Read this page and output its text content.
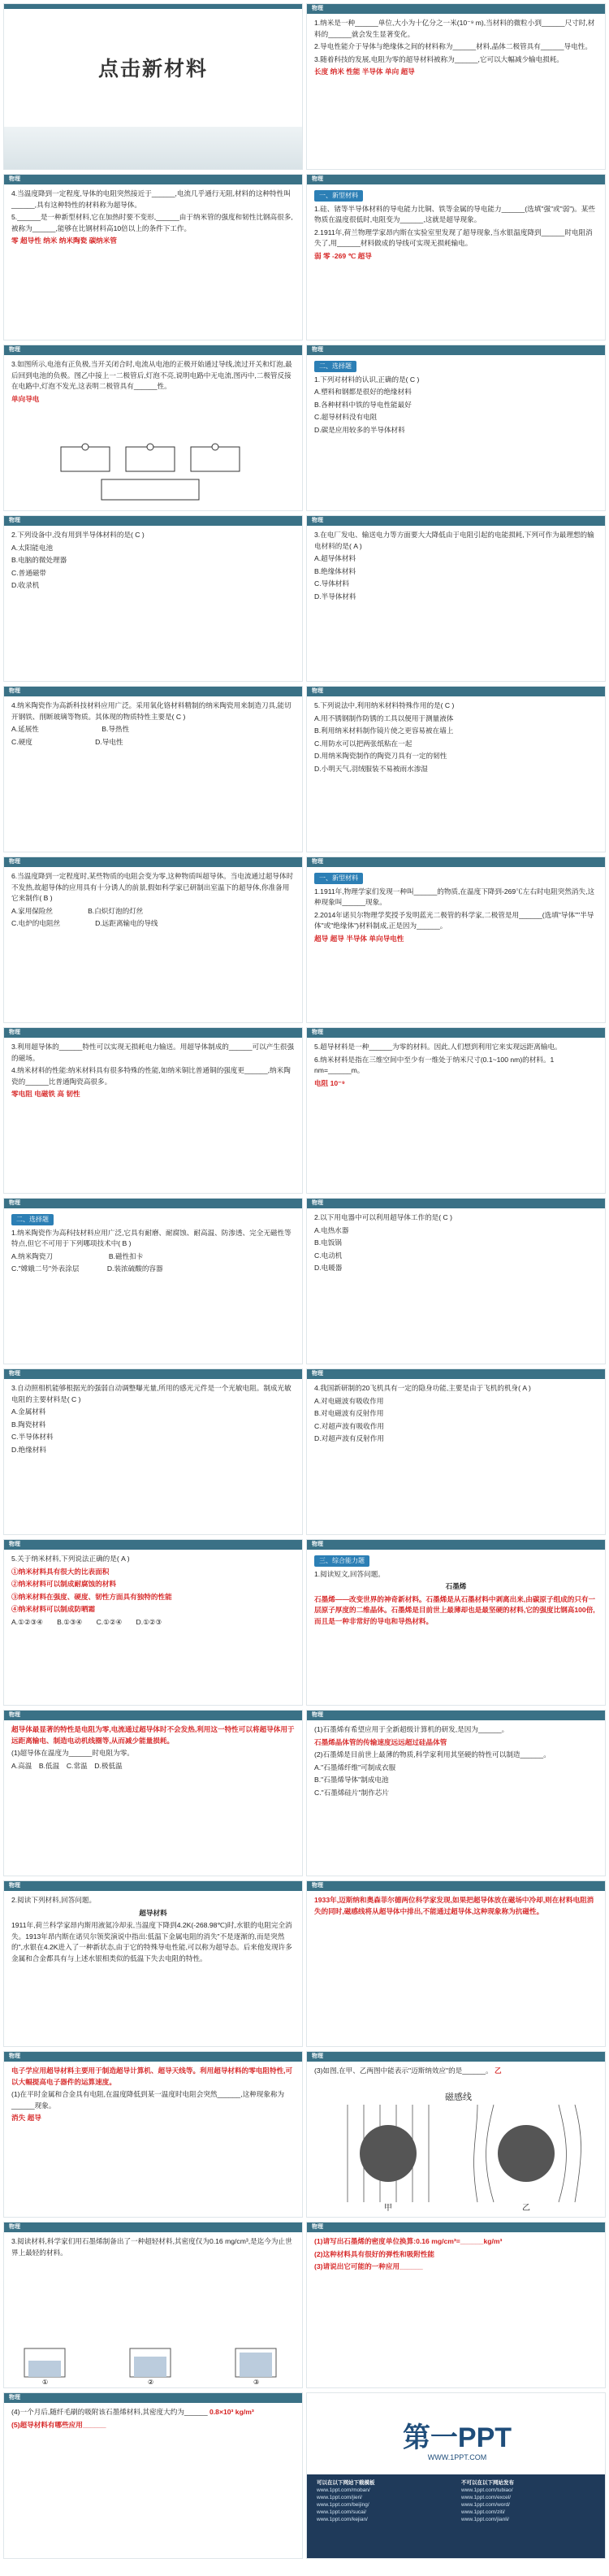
点击新材料
物理

1.纳米是一种______单位,大小为十亿分之一米(10⁻⁹ m),当材料的微粒小到______尺寸时,材料的______就会发生显著变化。

2.导电性能介于导体与绝缘体之间的材料称为______材料,晶体二极管具有______导电性。

3.随着科技的发展,电阻为零的超导材料被称为______,它可以大幅减少输电损耗。

长度 纳米 性能 半导体 单向 超导

物理

4.当温度降到一定程度,导体的电阻突然接近于______,电流几乎通行无阻,材料的这种特性叫______,具有这种特性的材料称为超导体。

5.______是一种新型材料,它在加热时要不变形,______由于纳米管的强度和韧性比钢高很多,被称为______,能够在比钢材料高10倍以上的条件下工作。

零 超导性 纳米 纳米陶瓷 碳纳米管

物理
一、新型材料

1.硅、锗等半导体材料的导电能力比铜、铁等金属的导电能力______(选填"强"或"弱")。某些物质在温度很低时,电阻变为______,这就是超导现象。

2.1911年,荷兰物理学家昂内斯在实验室里发现了超导现象,当水银温度降到______时电阻消失了,用______材料做成的导线可实现无损耗输电。

弱 零 -269 ℃ 超导

物理

3.如图所示,电池有正负极,当开关闭合时,电流从电池的正极开始通过导线,流过开关和灯泡,最后回到电池的负极。图乙中接上一二极管后,灯泡不亮,说明电路中无电流,图丙中,二极管反接在电路中,灯泡不发光,这表明二极管具有______性。

单向导电

物理
二、选择题

1.下列对材料的认识,正确的是( C )

A.塑料和钢都是很好的绝缘材料

B.各种材料中铁的导电性能最好

C.超导材料没有电阻

D.碳是应用较多的半导体材料

物理

2.下列设备中,没有用到半导体材料的是( C )

A.太阳能电池

B.电脑的微处理器

C.普通磁带

D.收录机

物理

3.在电厂发电、输送电力等方面要大大降低由于电阻引起的电能损耗,下列可作为最理想的输电材料的是( A )

A.超导体材料

B.绝缘体材料

C.导体材料

D.半导体材料

物理

4.纳米陶瓷作为高新科技材料应用广泛。采用氧化铬材料精制的纳米陶瓷用来制造刀具,能切开钢铁、削断玻璃等物质。其体现的物质特性主要是( C )

A.延展性　　　　　　　　　	B.导热性

C.硬度　　　　　　　　　	D.导电性

物理

5.下列说法中,利用纳米材料特殊作用的是( C )

A.用不锈钢制作防锈的工具以便用于测量液体

B.利用纳米材料制作镜片使之更容易被在墙上

C.用防水可以把两张纸粘在一起

D.用纳米陶瓷制作的陶瓷刀具有一定的韧性

D.小明天气,羽绒服装不易被雨水渗湿

物理

6.当温度降到一定程度时,某些物质的电阻会变为零,这种物质叫超导体。当电流通过超导体时不发热,故超导体的应用具有十分诱人的前景,假如科学家已研制出室温下的超导体,你准备用它来制作( B )

A.家用保险丝　　　　　	B.白炽灯泡的灯丝

C.电炉的电阻丝　　　　　	D.远距离输电的导线

物理
一、新型材料

1.1911年,物理学家们发现一种叫______的物质,在温度下降到-269℃左右时电阻突然消失,这种现象叫______现象。

2.2014年诺贝尔物理学奖授予发明蓝光二极管的科学家,二极管是用______(选填"导体""半导体"或"绝缘体")材料制成,正是因为______。

超导 超导 半导体 单向导电性

物理

3.利用超导体的______特性可以实现无损耗电力输送。用超导体制成的______可以产生很强的磁场。

4.纳米材料的性能:纳米材料具有很多特殊的性能,如纳米铜比普通铜的强度更______,纳米陶瓷的______比普通陶瓷高很多。

零电阻 电磁铁 高 韧性

物理

5.超导材料是一种______为零的材料。因此,人们想到利用它来实现远距离输电。

6.纳米材料是指在三维空间中至少有一维处于纳米尺寸(0.1~100 nm)的材料。1 nm=______m。

电阻 10⁻⁹

物理
二、选择题

1.纳米陶瓷作为高科技材料应用广泛,它具有耐磨、耐腐蚀、耐高温、防渗透、完全无磁性等特点,但它不可用于下列哪项技术中( B )

A.纳米陶瓷刀　　　　　　　　	B.磁性扣卡

C."嫦娥二号"外表涂层　　　　	D.装浓硫酸的容器

物理

2.以下用电器中可以利用超导体工作的是( C )

A.电热水器

B.电饭锅

C.电动机

D.电暖器

物理

3.自动照相机能够根据光的强弱自动调整曝光量,所用的感光元件是一个光敏电阻。制成光敏电阻的主要材料是( C )

A.金属材料

B.陶瓷材料

C.半导体材料

D.绝缘材料

物理

4.我国新研制的20飞机具有一定的隐身功能,主要是由于飞机的机身( A )

A.对电磁波有吸收作用

B.对电磁波有反射作用

C.对超声波有吸收作用

D.对超声波有反射作用

物理

5.关于纳米材料,下列说法正确的是( A )

①纳米材料具有很大的比表面积

②纳米材料可以制成耐腐蚀的材料

③纳米材料在强度、硬度、韧性方面具有独特的性能

④纳米材料可以制成防晒霜

A.①②③④　　 B.①③④　　 C.①②④　　 D.①②③

物理
三、综合能力题

1.阅读短文,回答问题。

石墨烯

石墨烯——改变世界的神奇新材料。石墨烯是从石墨材料中剥离出来,由碳原子组成的只有一层原子厚度的二维晶体。石墨烯是目前世上最薄却也是最坚硬的材料,它的强度比钢高100倍,而且是一种非常好的导电和导热材料。

物理

超导体最显著的特性是电阻为零,电流通过超导体时不会发热,利用这一特性可以将超导体用于远距离输电、制造电动机线圈等,从而减少能量损耗。

(1)超导体在温度为______时电阻为零。

A.高温　 B.低温　 C.常温　 D.极低温

物理

(1)石墨烯有希望应用于全新超级计算机的研发,是因为______。

石墨烯晶体管的传输速度远远超过硅晶体管

(2)石墨烯是目前世上最薄的物质,科学家利用其坚硬的特性可以制造______。

A."石墨烯纤维"可制成衣服

B."石墨烯导体"制成电池

C."石墨烯硅片"制作芯片

物理

2.阅读下列材料,回答问题。

超导材料

1911年,荷兰科学家昂内斯用液氦冷却汞,当温度下降到4.2K(-268.98℃)时,水银的电阻完全消失。1913年昂内斯在诺贝尔领奖演说中指出:低温下金属电阻的消失"不是逐渐的,而是突然的",水银在4.2K进入了一种新状态,由于它的特殊导电性能,可以称为超导态。后来他发现许多金属和合金都具有与上述水银相类似的低温下失去电阻的特性。

物理

1933年,迈斯纳和奥森菲尔德两位科学家发现,如果把超导体放在磁场中冷却,则在材料电阻消失的同时,磁感线将从超导体中排出,不能通过超导体,这种现象称为抗磁性。

物理

电子学应用超导材料主要用于制造超导计算机、超导天线等。利用超导材料的零电阻特性,可以大幅提高电子器件的运算速度。

(1)在平时金属和合金具有电阻,在温度降低到某一温度时电阻会突然______,这种现象称为______现象。

消失 超导

物理

(3)如图,在甲、乙两图中能表示"迈斯纳效应"的是______。 乙

磁感线
甲	乙
物理

3.阅读材料,科学家们用石墨烯制备出了一种超轻材料,其密度仅为0.16 mg/cm³,是迄今为止世界上最轻的材料。

①	②	③
物理

(1)请写出石墨烯的密度单位换算:0.16 mg/cm³=______kg/m³

(2)这种材料具有很好的弹性和吸附性能

(3)请说出它可能的一种应用______

物理

(4)一个月后,随纤毛刷的吸附该石墨烯材料,其密度大约为______ 0.8×10³ kg/m³

(5)超导材料有哪些应用______	第一PPT
WWW.1PPT.COM
可以在以下网站下载模板
www.1ppt.com/moban/
www.1ppt.com/jieri/
www.1ppt.com/beijing/
www.1ppt.com/sucai/
www.1ppt.com/kejian/
不可以在以下网站发布
www.1ppt.com/tubiao/
www.1ppt.com/excel/
www.1ppt.com/word/
www.1ppt.com/ziti/
www.1ppt.com/jianli/
